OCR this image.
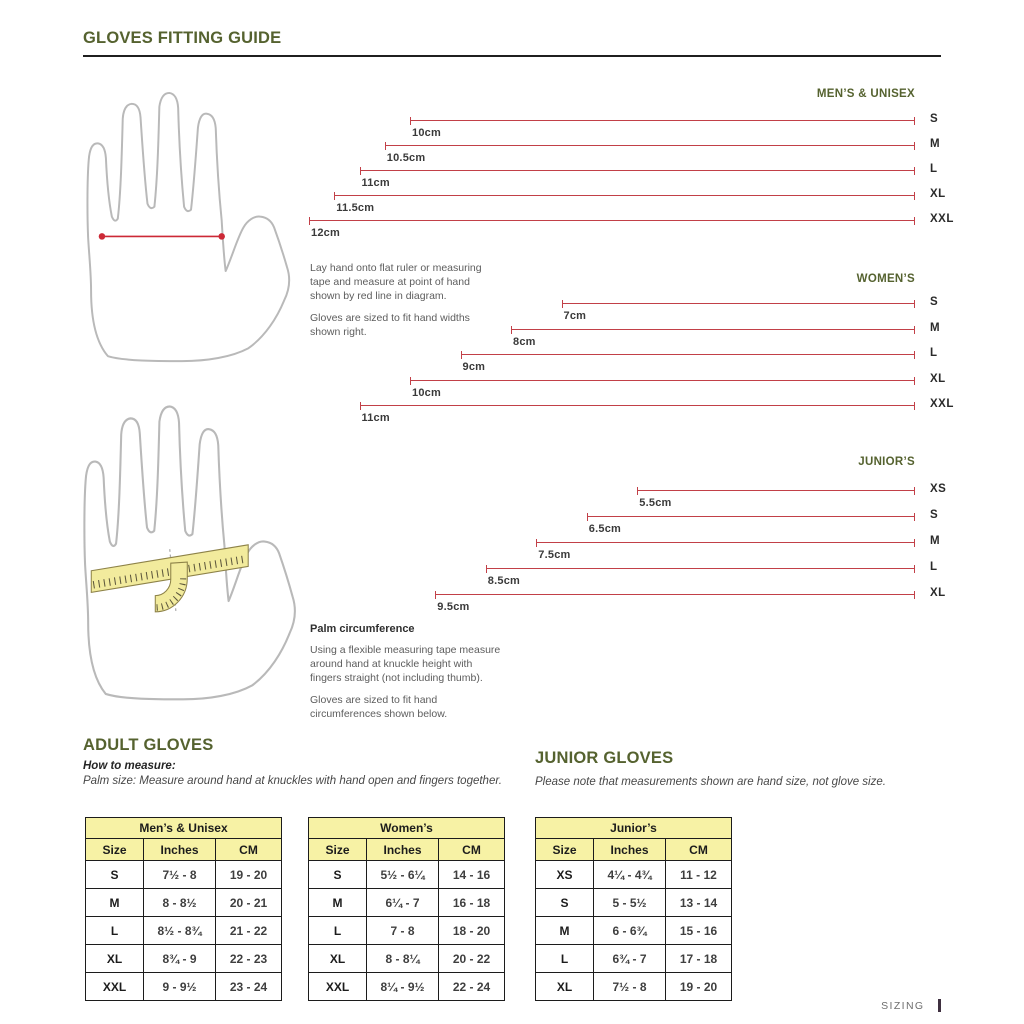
GLOVES FITTING GUIDE

Lay hand onto flat ruler or measuring tape and measure at point of hand shown by red line in diagram.

Gloves are sized to fit hand widths shown right.

Palm circumference

Using a flexible measuring tape measure around hand at knuckle height with fingers straight (not including thumb).

Gloves are sized to fit hand circumferences shown below.

ADULT GLOVES
How to measure:
Palm size: Measure around hand at knuckles with hand open and fingers together.
JUNIOR GLOVES
Please note that measurements shown are hand size, not glove size.
SIZING
MEN’S & UNISEX
10cm
S
10.5cm
M
11cm
L
11.5cm
XL
12cm
XXL
WOMEN’S
7cm
S
8cm
M
9cm
L
10cm
XL
11cm
XXL
JUNIOR’S
5.5cm
XS
6.5cm
S
7.5cm
M
8.5cm
L
9.5cm
XL
Men’s & Unisex		
Size	Inches	CM
S	7½ - 8	19 - 20
M	8 - 8½	20 - 21
L	8½ - 8¾	21 - 22
XL	8¾ - 9	22 - 23
XXL	9 - 9½	23 - 24
Women’s		
Size	Inches	CM
S	5½ - 6¼	14 - 16
M	6¼ - 7	16 - 18
L	7 - 8	18 - 20
XL	8 - 8¼	20 - 22
XXL	8¼ - 9½	22 - 24
Junior’s		
Size	Inches	CM
XS	4¼ - 4¾	11 - 12
S	5 - 5½	13 - 14
M	6 - 6¾	15 - 16
L	6¾ - 7	17 - 18
XL	7½ - 8	19 - 20
